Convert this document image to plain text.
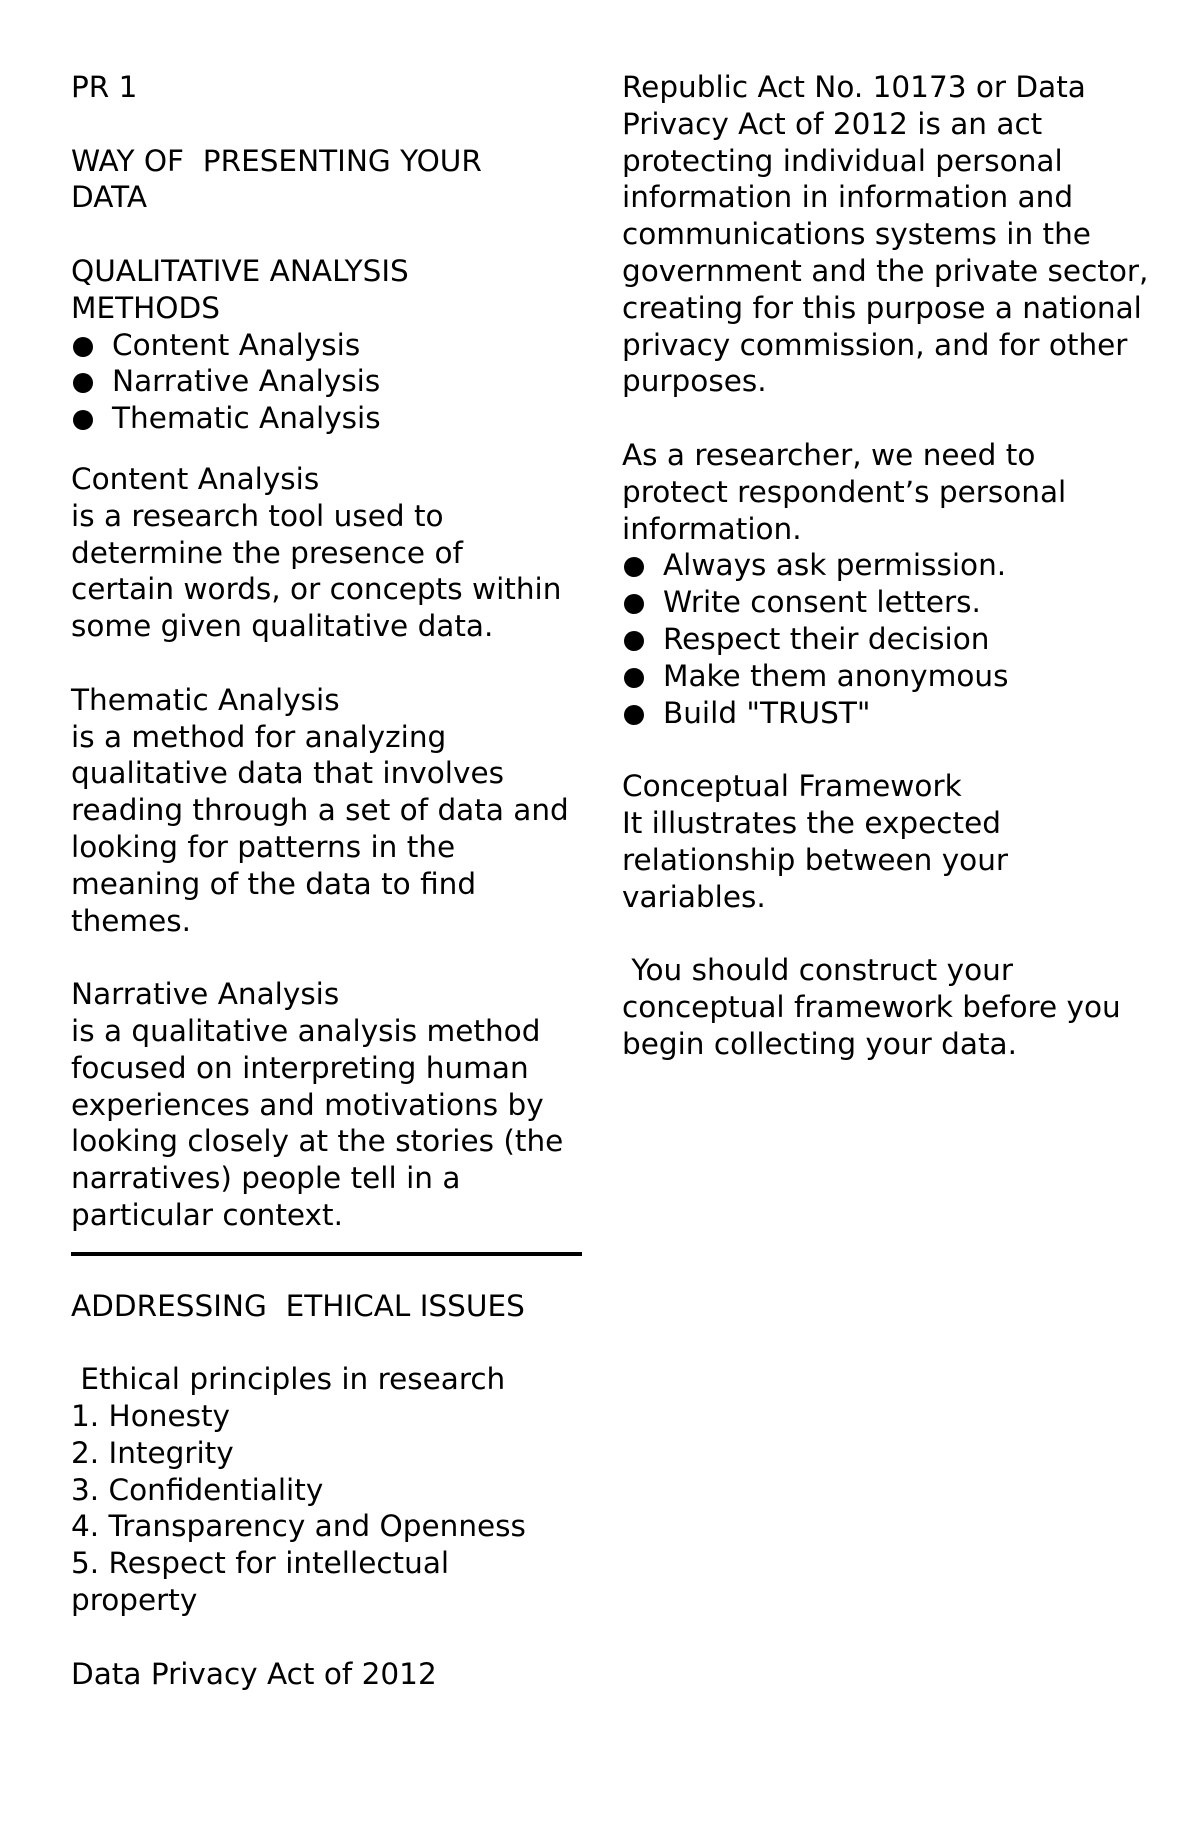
PR 1

WAY OF  PRESENTING YOUR DATA

QUALITATIVE ANALYSIS METHODS

Content Analysis
Narrative Analysis
Thematic Analysis

Content Analysis

is a research tool used to determine the presence of certain words, or concepts within some given qualitative data.

Thematic Analysis

is a method for analyzing qualitative data that involves reading through a set of data and looking for patterns in the meaning of the data to find themes.

Narrative Analysis

is a qualitative analysis method focused on interpreting human experiences and motivations by looking closely at the stories (the narratives) people tell in a particular context.

ADDRESSING  ETHICAL ISSUES

Ethical principles in research

1. Honesty

2. Integrity

3. Confidentiality

4. Transparency and Openness

5. Respect for intellectual property

Data Privacy Act of 2012

Republic Act No. 10173 or Data Privacy Act of 2012 is an act protecting individual personal information in information and communications systems in the government and the private sector, creating for this purpose a national privacy commission, and for other purposes.

As a researcher, we need to protect respondent’s personal information.

Always ask permission.
Write consent letters.
Respect their decision
Make them anonymous
Build "TRUST"

Conceptual Framework

It illustrates the expected relationship between your variables.

You should construct your conceptual framework before you begin collecting your data.
